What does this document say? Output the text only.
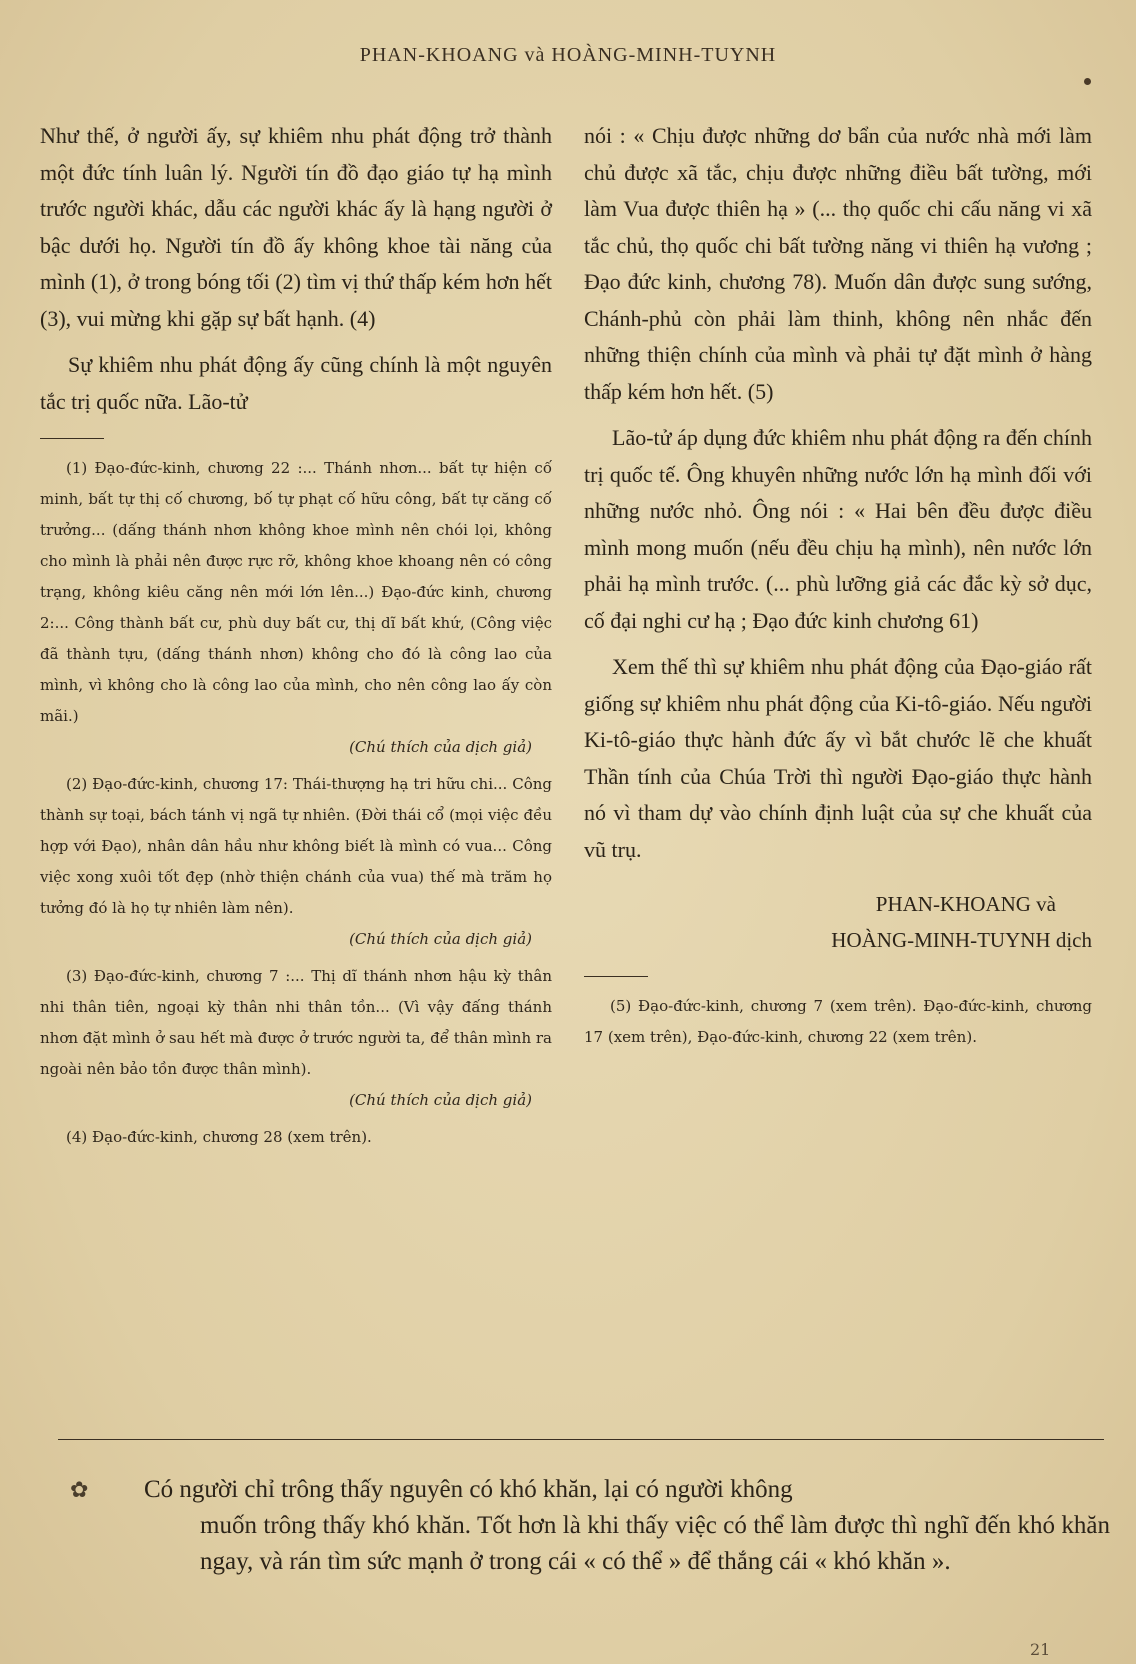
PHAN-KHOANG và HOÀNG-MINH-TUYNH

Như thế, ở người ấy, sự khiêm nhu phát động trở thành một đức tính luân lý. Người tín đồ đạo giáo tự hạ mình trước người khác, dẫu các người khác ấy là hạng người ở bậc dưới họ. Người tín đồ ấy không khoe tài năng của mình (1), ở trong bóng tối (2) tìm vị thứ thấp kém hơn hết (3), vui mừng khi gặp sự bất hạnh. (4)

Sự khiêm nhu phát động ấy cũng chính là một nguyên tắc trị quốc nữa. Lão-tử

(1) Đạo-đức-kinh, chương 22 :... Thánh nhơn... bất tự hiện cố minh, bất tự thị cố chương, bố tự phạt cố hữu công, bất tự căng cố trưởng... (dấng thánh nhơn không khoe mình nên chói lọi, không cho mình là phải nên được rực rỡ, không khoe khoang nên có công trạng, không kiêu căng nên mới lớn lên...) Đạo-đức kinh, chương 2:... Công thành bất cư, phù duy bất cư, thị dĩ bất khứ, (Công việc đã thành tựu, (dấng thánh nhơn) không cho đó là công lao của mình, vì không cho là công lao của mình, cho nên công lao ấy còn mãi.)
(Chú thích của dịch giả)

(2) Đạo-đức-kinh, chương 17: Thái-thượng hạ tri hữu chi... Công thành sự toại, bách tánh vị ngã tự nhiên. (Đời thái cổ (mọi việc đều hợp với Đạo), nhân dân hầu như không biết là mình có vua... Công việc xong xuôi tốt đẹp (nhờ thiện chánh của vua) thế mà trăm họ tưởng đó là họ tự nhiên làm nên).
(Chú thích của dịch giả)

(3) Đạo-đức-kinh, chương 7 :... Thị dĩ thánh nhơn hậu kỳ thân nhi thân tiên, ngoại kỳ thân nhi thân tồn... (Vì vậy đấng thánh nhơn đặt mình ở sau hết mà được ở trước người ta, để thân mình ra ngoài nên bảo tồn được thân mình).
(Chú thích của dịch giả)

(4) Đạo-đức-kinh, chương 28 (xem trên).

nói : « Chịu được những dơ bẩn của nước nhà mới làm chủ được xã tắc, chịu được những điều bất tường, mới làm Vua được thiên hạ » (... thọ quốc chi cấu năng vi xã tắc chủ, thọ quốc chi bất tường năng vi thiên hạ vương ; Đạo đức kinh, chương 78). Muốn dân được sung sướng, Chánh-phủ còn phải làm thinh, không nên nhắc đến những thiện chính của mình và phải tự đặt mình ở hàng thấp kém hơn hết. (5)

Lão-tử áp dụng đức khiêm nhu phát động ra đến chính trị quốc tế. Ông khuyên những nước lớn hạ mình đối với những nước nhỏ. Ông nói : « Hai bên đều được điều mình mong muốn (nếu đều chịu hạ mình), nên nước lớn phải hạ mình trước. (... phù lưỡng giả các đắc kỳ sở dục, cố đại nghi cư hạ ; Đạo đức kinh chương 61)

Xem thế thì sự khiêm nhu phát động của Đạo-giáo rất giống sự khiêm nhu phát động của Ki-tô-giáo. Nếu người Ki-tô-giáo thực hành đức ấy vì bắt chước lẽ che khuất Thần tính của Chúa Trời thì người Đạo-giáo thực hành nó vì tham dự vào chính định luật của sự che khuất của vũ trụ.

PHAN-KHOANG và
HOÀNG-MINH-TUYNH dịch

(5) Đạo-đức-kinh, chương 7 (xem trên). Đạo-đức-kinh, chương 17 (xem trên), Đạo-đức-kinh, chương 22 (xem trên).

✿	Có người chỉ trông thấy nguyên có khó khăn, lại có người không

muốn trông thấy khó khăn. Tốt hơn là khi thấy việc có thể làm được thì nghĩ đến khó khăn ngay, và rán tìm sức mạnh ở trong cái « có thể » để thắng cái « khó khăn ».

21
